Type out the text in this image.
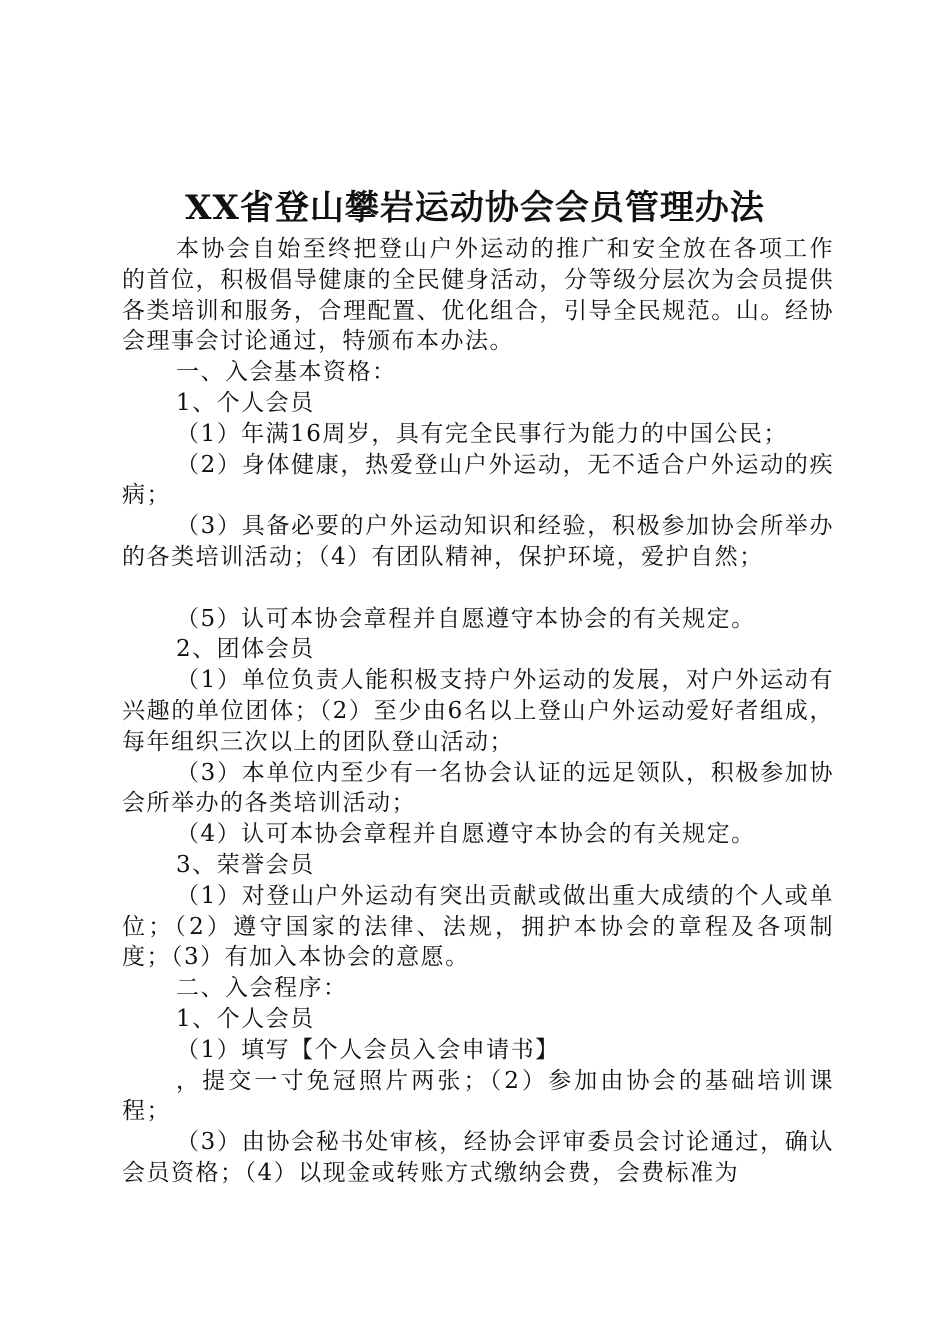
XX省登山攀岩运动协会会员管理办法

本协会自始至终把登山户外运动的推广和安全放在各项工作的首位，积极倡导健康的全民健身活动，分等级分层次为会员提供各类培训和服务，合理配置、优化组合，引导全民规范。山。经协会理事会讨论通过，特颁布本办法。

一、入会基本资格：

1、个人会员

（1）年满16周岁，具有完全民事行为能力的中国公民；

（2）身体健康，热爱登山户外运动，无不适合户外运动的疾病；

（3）具备必要的户外运动知识和经验，积极参加协会所举办的各类培训活动；（4）有团队精神，保护环境，爱护自然；

（5）认可本协会章程并自愿遵守本协会的有关规定。

2、团体会员

（1）单位负责人能积极支持户外运动的发展，对户外运动有兴趣的单位团体；（2）至少由6名以上登山户外运动爱好者组成，每年组织三次以上的团队登山活动；

（3）本单位内至少有一名协会认证的远足领队，积极参加协会所举办的各类培训活动；

（4）认可本协会章程并自愿遵守本协会的有关规定。

3、荣誉会员

（1）对登山户外运动有突出贡献或做出重大成绩的个人或单位；（2）遵守国家的法律、法规，拥护本协会的章程及各项制度；（3）有加入本协会的意愿。

二、入会程序：

1、个人会员

（1）填写【个人会员入会申请书】

，提交一寸免冠照片两张；（2）参加由协会的基础培训课程；

（3）由协会秘书处审核，经协会评审委员会讨论通过，确认会员资格；（4）以现金或转账方式缴纳会费，会费标准为
